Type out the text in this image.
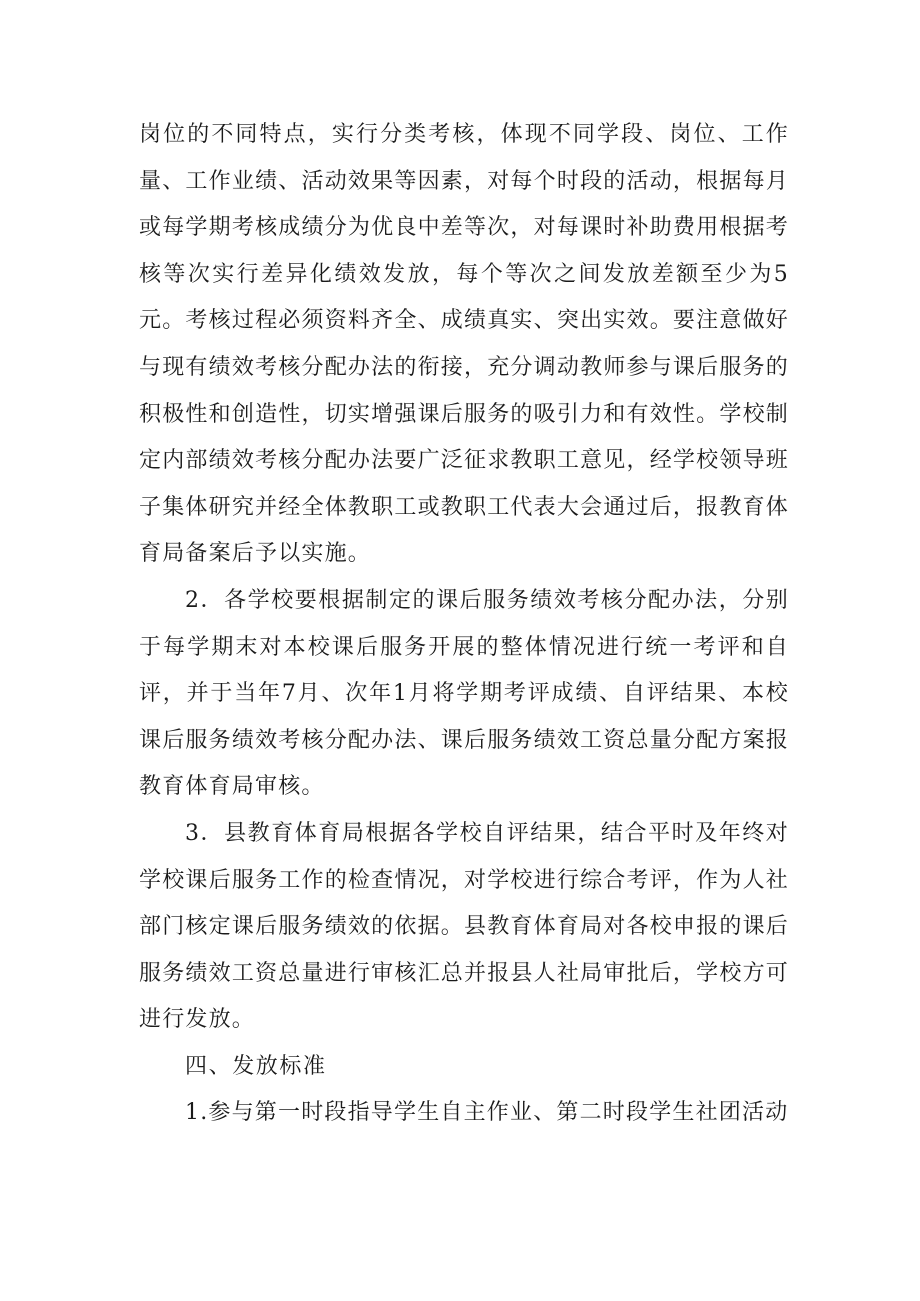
岗位的不同特点，实行分类考核，体现不同学段、岗位、工作量、工作业绩、活动效果等因素，对每个时段的活动，根据每月或每学期考核成绩分为优良中差等次，对每课时补助费用根据考核等次实行差异化绩效发放，每个等次之间发放差额至少为5元。考核过程必须资料齐全、成绩真实、突出实效。要注意做好与现有绩效考核分配办法的衔接，充分调动教师参与课后服务的积极性和创造性，切实增强课后服务的吸引力和有效性。学校制定内部绩效考核分配办法要广泛征求教职工意见，经学校领导班子集体研究并经全体教职工或教职工代表大会通过后，报教育体育局备案后予以实施。

2．各学校要根据制定的课后服务绩效考核分配办法，分别于每学期末对本校课后服务开展的整体情况进行统一考评和自评，并于当年7月、次年1月将学期考评成绩、自评结果、本校课后服务绩效考核分配办法、课后服务绩效工资总量分配方案报教育体育局审核。

3．县教育体育局根据各学校自评结果，结合平时及年终对学校课后服务工作的检查情况，对学校进行综合考评，作为人社部门核定课后服务绩效的依据。县教育体育局对各校申报的课后服务绩效工资总量进行审核汇总并报县人社局审批后，学校方可进行发放。

四、发放标准

1.参与第一时段指导学生自主作业、第二时段学生社团活动
